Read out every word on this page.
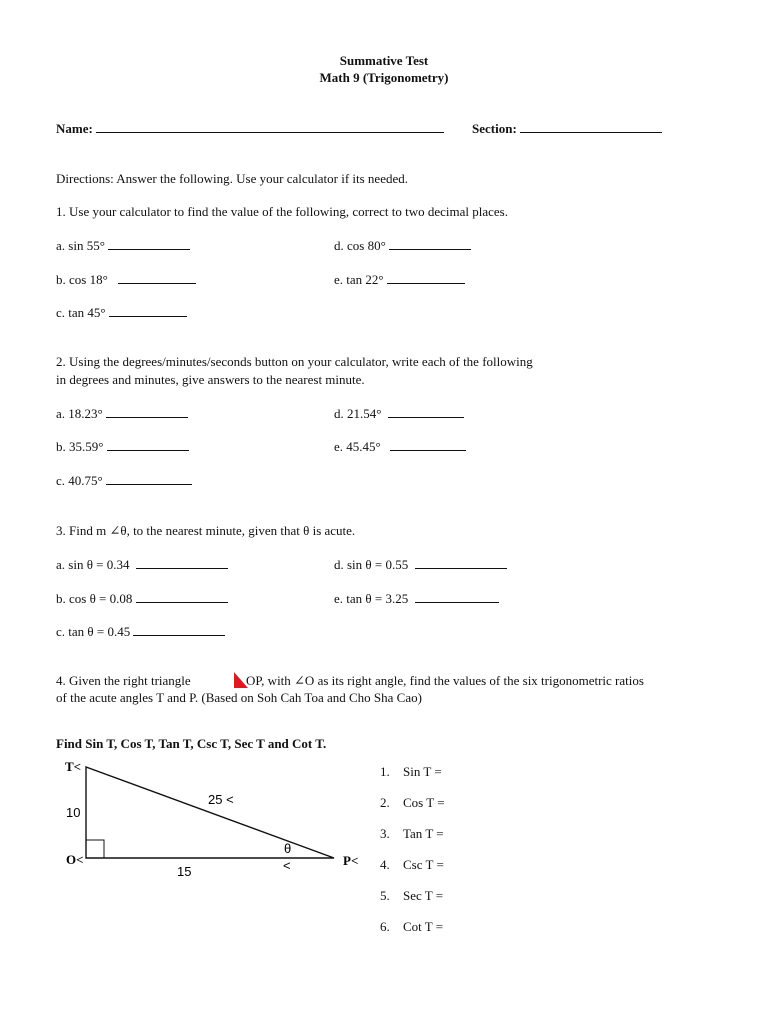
Summative Test
Math 9 (Trigonometry)
Name:	Section:
Directions: Answer the following. Use your calculator if its needed.
1. Use your calculator to find the value of the following, correct to two decimal places.
a. sin 55°	d. cos 80°
b. cos 18°	e. tan 22°
c. tan 45°
2. Using the degrees/minutes/seconds button on your calculator, write each of the following
in degrees and minutes, give answers to the nearest minute.
a. 18.23°	d. 21.54°
b. 35.59°	e. 45.45°
c. 40.75°
3. Find m ∠θ, to the nearest minute, given that θ is acute.
a. sin θ = 0.34	d. sin θ = 0.55
b. cos θ = 0.08	e. tan θ = 3.25
c. tan θ = 0.45
4. Given the right triangle	OP, with ∠O as its right angle, find the values of the six trigonometric ratios
of the acute angles T and P. (Based on Soh Cah Toa and Cho Sha Cao)
Find Sin T, Cos T, Tan T, Csc T, Sec T and Cot T.
T<
O<	P<
10
15
25 <
θ
<
1. Sin T =
2. Cos T =
3. Tan T =
4. Csc T =
5. Sec T =
6. Cot T =
